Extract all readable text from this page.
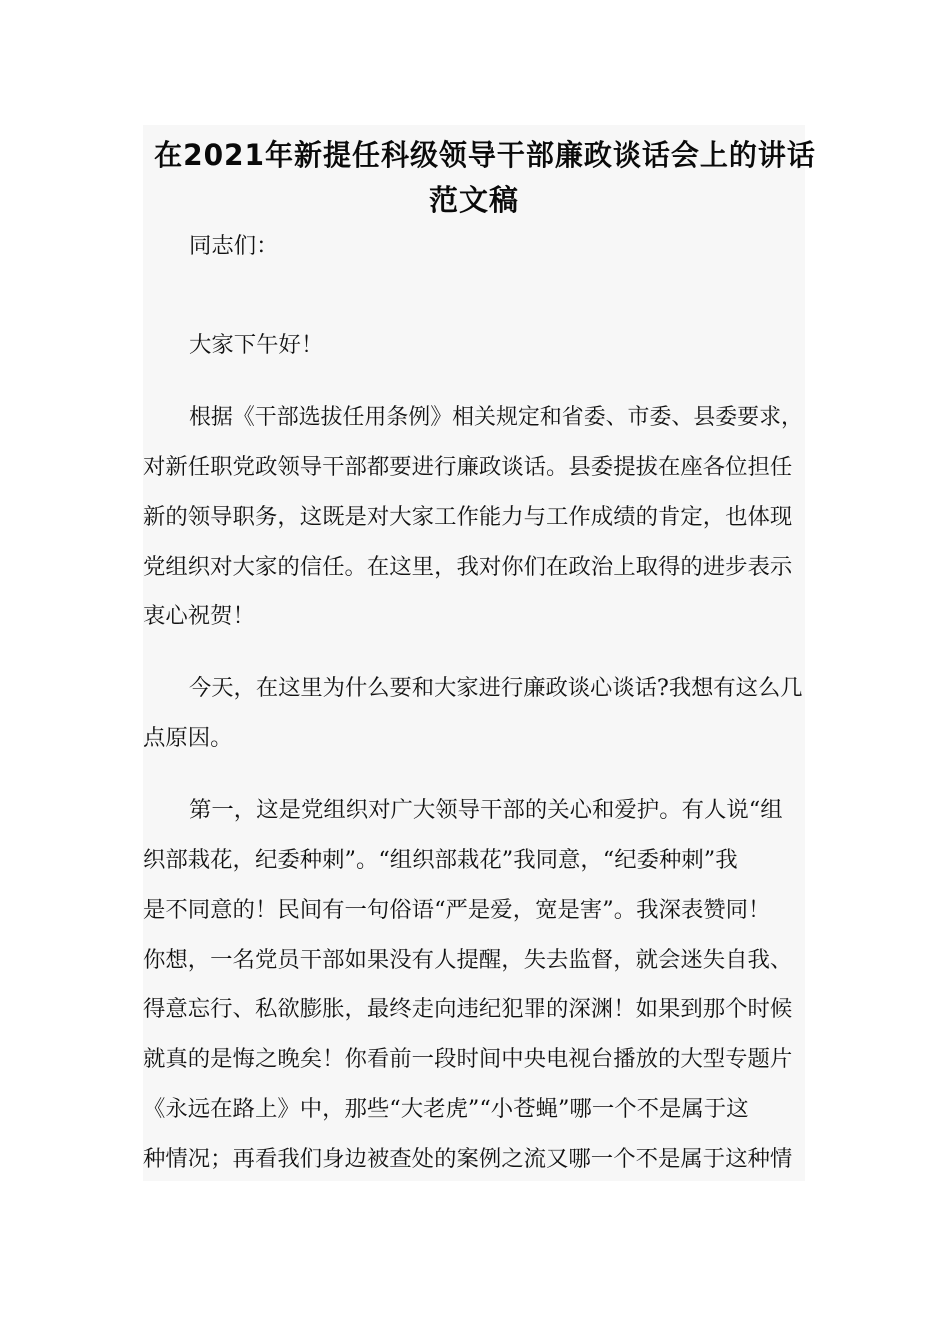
在2021年新提任科级领导干部廉政谈话会上的讲话
范文稿
同志们：
大家下午好！
根据《干部选拔任用条例》相关规定和省委、市委、县委要求，
对新任职党政领导干部都要进行廉政谈话。县委提拔在座各位担任
新的领导职务，这既是对大家工作能力与工作成绩的肯定，也体现
党组织对大家的信任。在这里，我对你们在政治上取得的进步表示
衷心祝贺！
今天，在这里为什么要和大家进行廉政谈心谈话?我想有这么几
点原因。
第一，这是党组织对广大领导干部的关心和爱护。有人说“组
织部栽花，纪委种刺”。“组织部栽花”我同意，“纪委种刺”我
是不同意的！民间有一句俗语“严是爱，宽是害”。我深表赞同！
你想，一名党员干部如果没有人提醒，失去监督，就会迷失自我、
得意忘行、私欲膨胀，最终走向违纪犯罪的深渊！如果到那个时候
就真的是悔之晚矣！你看前一段时间中央电视台播放的大型专题片
《永远在路上》中，那些“大老虎”“小苍蝇”哪一个不是属于这
种情况；再看我们身边被查处的案例之流又哪一个不是属于这种情
